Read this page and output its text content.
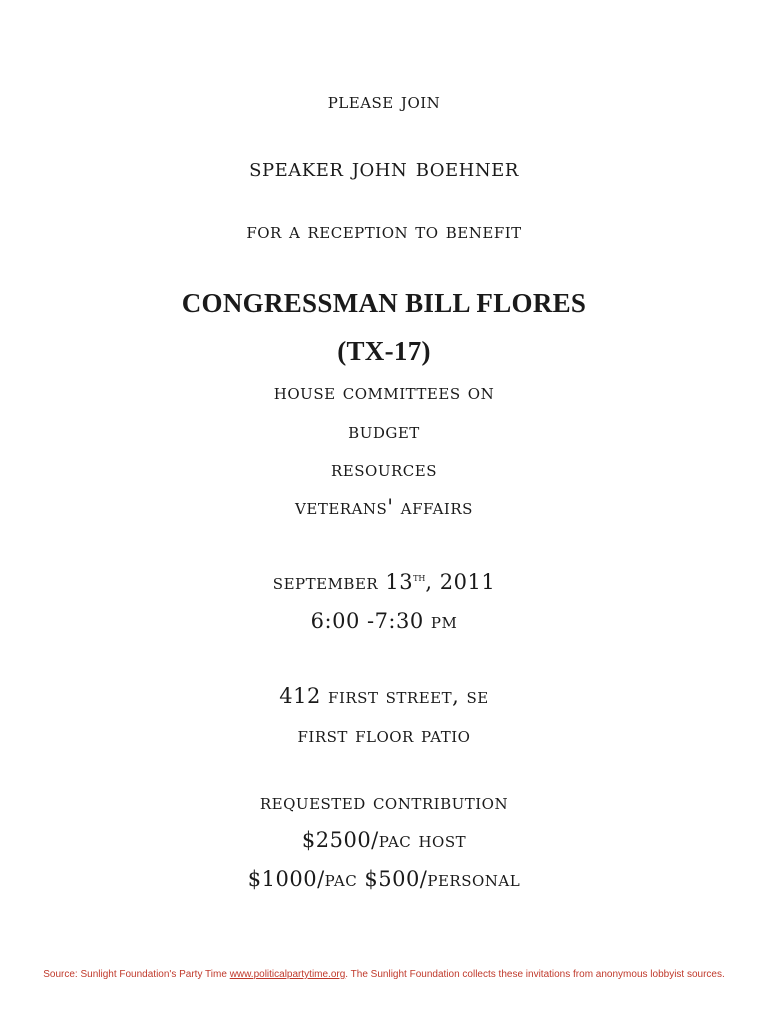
please join
speaker john boehner
for a reception to benefit
CONGRESSMAN BILL FLORES
(TX-17)
house committees on
budget
resources
veterans' affairs
september 13th, 2011
6:00 -7:30 pm
412 first street, se
first floor patio
requested contribution
$2500/pac host
$1000/pac $500/personal
Source: Sunlight Foundation's Party Time www.politicalpartytime.org. The Sunlight Foundation collects these invitations from anonymous lobbyist sources.
